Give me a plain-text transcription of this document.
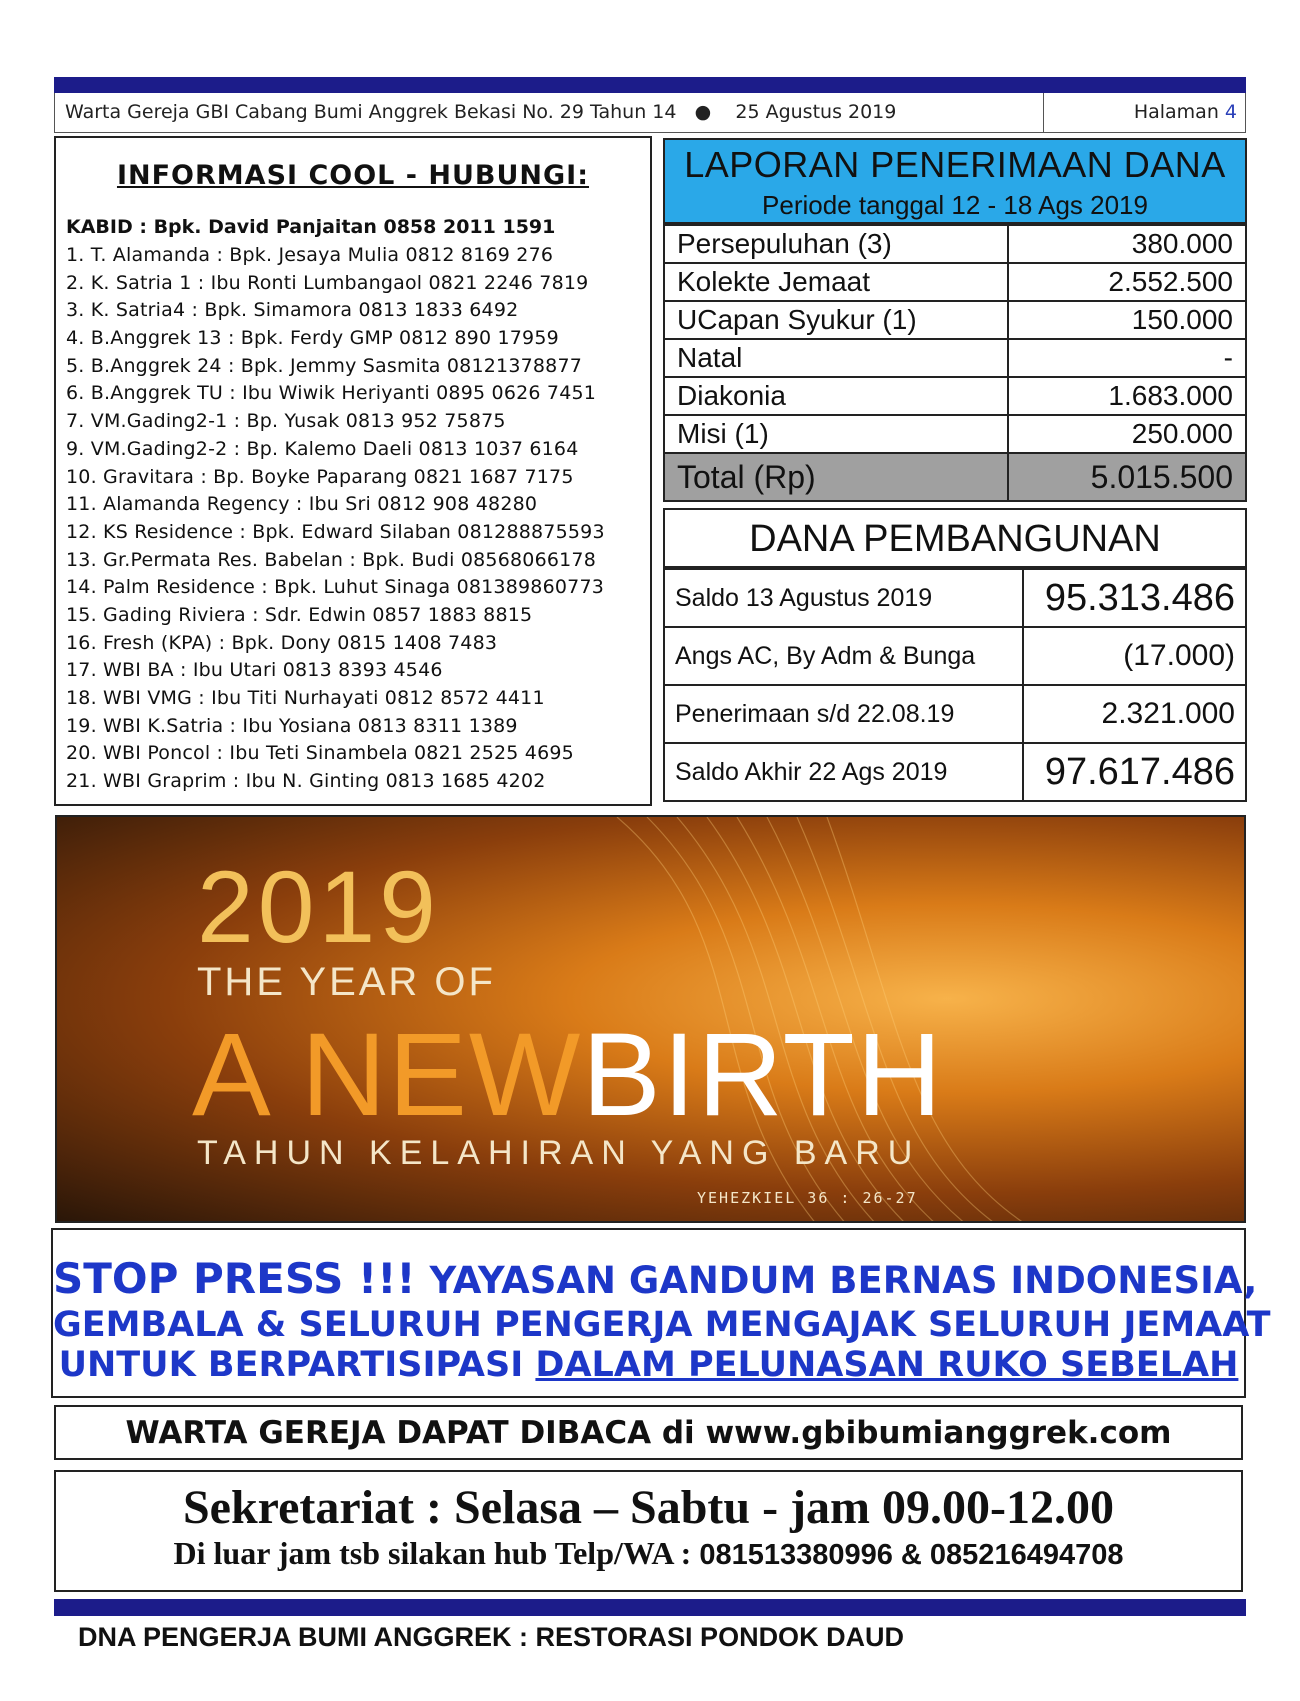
Warta Gereja GBI Cabang Bumi Anggrek Bekasi No. 29 Tahun 14 ● 25 Agustus 2019	Halaman 4
INFORMASI COOL - HUBUNGI:
KABID : Bpk. David Panjaitan 0858 2011 1591
1. T. Alamanda : Bpk. Jesaya Mulia 0812 8169 276
2. K. Satria 1 : Ibu Ronti Lumbangaol 0821 2246 7819
3. K. Satria4 : Bpk. Simamora 0813 1833 6492
4. B.Anggrek 13 : Bpk. Ferdy GMP 0812 890 17959
5. B.Anggrek 24 : Bpk. Jemmy Sasmita 08121378877
6. B.Anggrek TU : Ibu Wiwik Heriyanti 0895 0626 7451
7. VM.Gading2-1 : Bp. Yusak 0813 952 75875
9. VM.Gading2-2 : Bp. Kalemo Daeli 0813 1037 6164
10. Gravitara : Bp. Boyke Paparang 0821 1687 7175
11. Alamanda Regency : Ibu Sri 0812 908 48280
12. KS Residence : Bpk. Edward Silaban 081288875593
13. Gr.Permata Res. Babelan : Bpk. Budi 08568066178
14. Palm Residence : Bpk. Luhut Sinaga 081389860773
15. Gading Riviera : Sdr. Edwin 0857 1883 8815
16. Fresh (KPA) : Bpk. Dony 0815 1408 7483
17. WBI BA : Ibu Utari 0813 8393 4546
18. WBI VMG : Ibu Titi Nurhayati 0812 8572 4411
19. WBI K.Satria : Ibu Yosiana 0813 8311 1389
20. WBI Poncol : Ibu Teti Sinambela 0821 2525 4695
21. WBI Graprim : Ibu N. Ginting 0813 1685 4202
LAPORAN PENERIMAAN DANA
Periode tanggal 12 - 18 Ags 2019
Persepuluhan (3)	380.000
Kolekte Jemaat	2.552.500
UCapan Syukur (1)	150.000
Natal	-
Diakonia	1.683.000
Misi (1)	250.000
Total (Rp)	5.015.500
DANA PEMBANGUNAN
Saldo 13 Agustus 2019	95.313.486
Angs AC, By Adm & Bunga	(17.000)
Penerimaan s/d 22.08.19	2.321.000
Saldo Akhir 22 Ags 2019	97.617.486
2019
THE YEAR OF
A NEW BIRTH
TAHUN KELAHIRAN YANG BARU
YEHEZKIEL 36 : 26-27
STOP PRESS !!! YAYASAN GANDUM BERNAS INDONESIA,
GEMBALA & SELURUH PENGERJA MENGAJAK SELURUH JEMAAT
UNTUK BERPARTISIPASI DALAM PELUNASAN RUKO SEBELAH
WARTA GEREJA DAPAT DIBACA di www.gbibumianggrek.com
Sekretariat : Selasa – Sabtu - jam 09.00-12.00
Di luar jam tsb silakan hub Telp/WA : 081513380996 & 085216494708
DNA PENGERJA BUMI ANGGREK : RESTORASI PONDOK DAUD
